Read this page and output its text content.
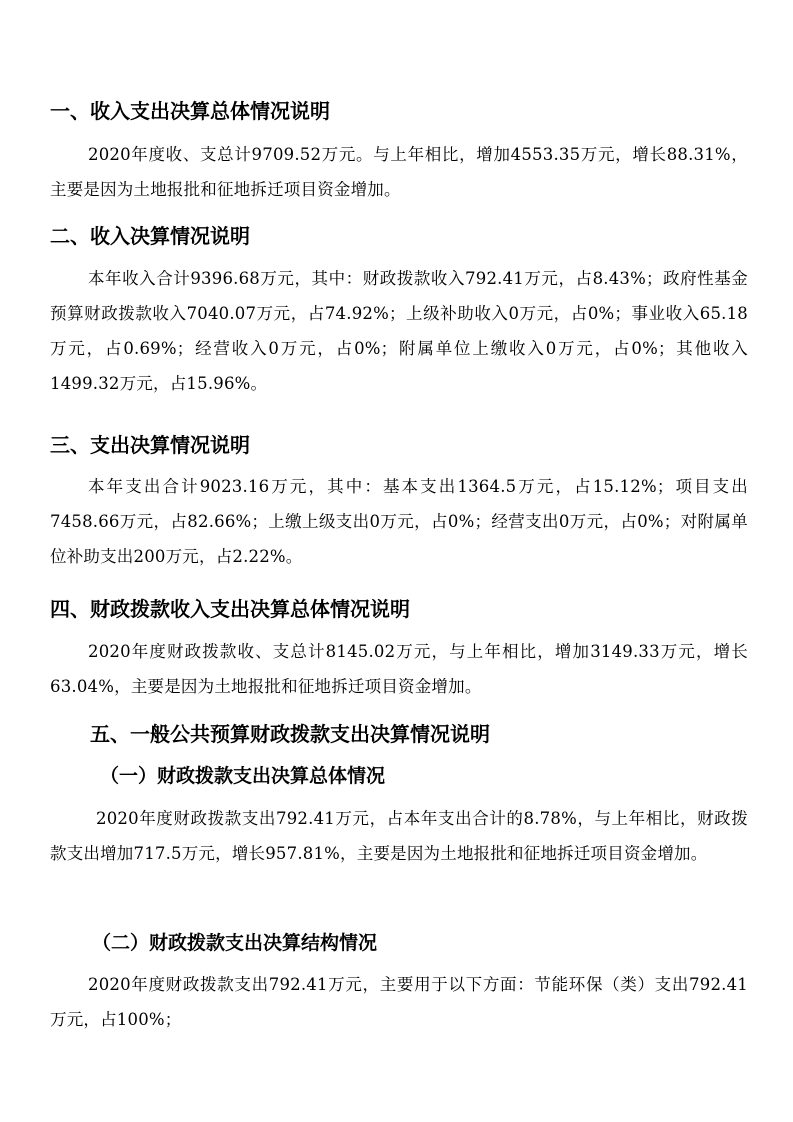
一、收入支出决算总体情况说明
2020年度收、支总计9709.52万元。与上年相比，增加4553.35万元，增长88.31%，主要是因为土地报批和征地拆迁项目资金增加。
二、收入决算情况说明
本年收入合计9396.68万元，其中：财政拨款收入792.41万元，占8.43%；政府性基金预算财政拨款收入7040.07万元，占74.92%；上级补助收入0万元，占0%；事业收入65.18万元，占0.69%；经营收入0万元，占0%；附属单位上缴收入0万元，占0%；其他收入1499.32万元，占15.96%。
三、支出决算情况说明
本年支出合计9023.16万元，其中：基本支出1364.5万元，占15.12%；项目支出7458.66万元，占82.66%；上缴上级支出0万元，占0%；经营支出0万元，占0%；对附属单位补助支出200万元，占2.22%。
四、财政拨款收入支出决算总体情况说明
2020年度财政拨款收、支总计8145.02万元，与上年相比，增加3149.33万元，增长63.04%，主要是因为土地报批和征地拆迁项目资金增加。
五、一般公共预算财政拨款支出决算情况说明
（一）财政拨款支出决算总体情况
2020年度财政拨款支出792.41万元，占本年支出合计的8.78%，与上年相比，财政拨款支出增加717.5万元，增长957.81%，主要是因为土地报批和征地拆迁项目资金增加。
（二）财政拨款支出决算结构情况
2020年度财政拨款支出792.41万元，主要用于以下方面：节能环保（类）支出792.41万元，占100%；
